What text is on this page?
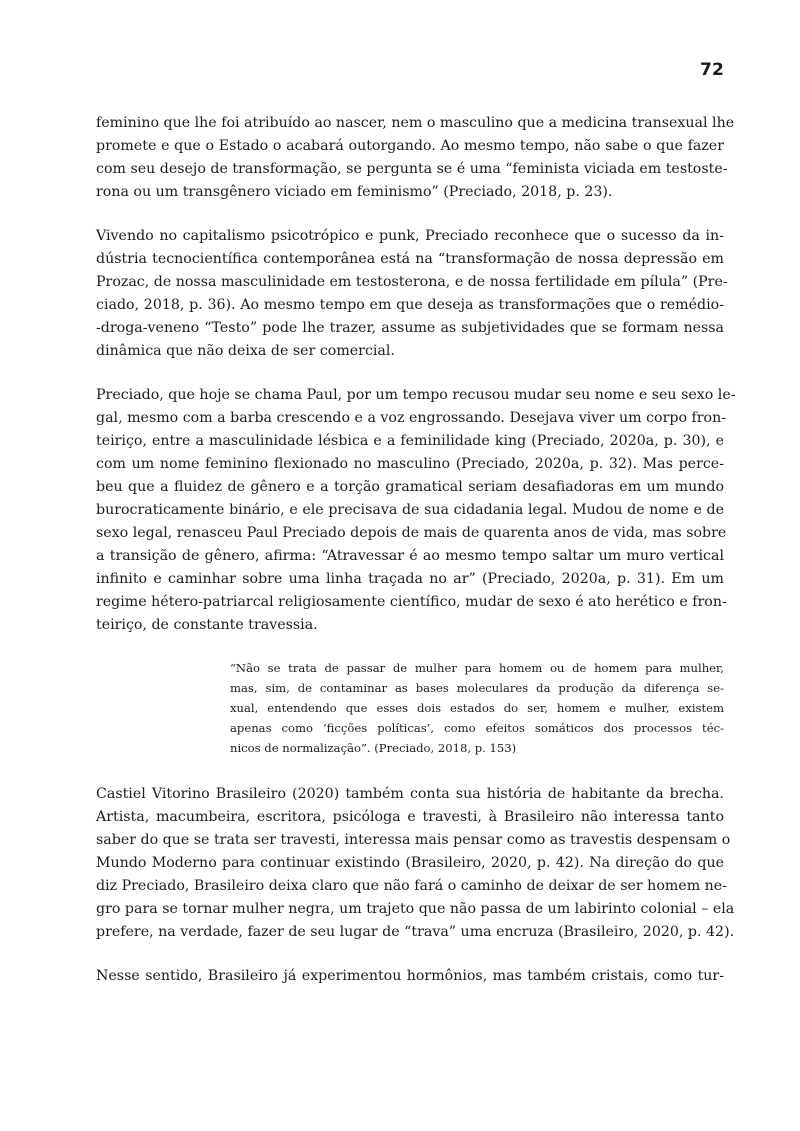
72
feminino que lhe foi atribuído ao nascer, nem o masculino que a medicina transexual lhe
promete e que o Estado o acabará outorgando. Ao mesmo tempo, não sabe o que fazer
com seu desejo de transformação, se pergunta se é uma “feminista viciada em testoste-
rona ou um transgênero viciado em feminismo” (Preciado, 2018, p. 23).
Vivendo no capitalismo psicotrópico e punk, Preciado reconhece que o sucesso da in-
dústria tecnocientífica contemporânea está na “transformação de nossa depressão em
Prozac, de nossa masculinidade em testosterona, e de nossa fertilidade em pílula” (Pre-
ciado, 2018, p. 36). Ao mesmo tempo em que deseja as transformações que o remédio-
-droga-veneno “Testo” pode lhe trazer, assume as subjetividades que se formam nessa
dinâmica que não deixa de ser comercial.
Preciado, que hoje se chama Paul, por um tempo recusou mudar seu nome e seu sexo le-
gal, mesmo com a barba crescendo e a voz engrossando. Desejava viver um corpo fron-
teiriço, entre a masculinidade lésbica e a feminilidade king (Preciado, 2020a, p. 30), e
com um nome feminino flexionado no masculino (Preciado, 2020a, p. 32). Mas perce-
beu que a fluidez de gênero e a torção gramatical seriam desafiadoras em um mundo
burocraticamente binário, e ele precisava de sua cidadania legal. Mudou de nome e de
sexo legal, renasceu Paul Preciado depois de mais de quarenta anos de vida, mas sobre
a transição de gênero, afirma: “Atravessar é ao mesmo tempo saltar um muro vertical
infinito e caminhar sobre uma linha traçada no ar” (Preciado, 2020a, p. 31). Em um
regime hétero-patriarcal religiosamente científico, mudar de sexo é ato herético e fron-
teiriço, de constante travessia.
“Não se trata de passar de mulher para homem ou de homem para mulher,
mas, sim, de contaminar as bases moleculares da produção da diferença se-
xual, entendendo que esses dois estados do ser, homem e mulher, existem
apenas como ‘ficções políticas’, como efeitos somáticos dos processos téc-
nicos de normalização”. (Preciado, 2018, p. 153)
Castiel Vitorino Brasileiro (2020) também conta sua história de habitante da brecha.
Artista, macumbeira, escritora, psicóloga e travesti, à Brasileiro não interessa tanto
saber do que se trata ser travesti, interessa mais pensar como as travestis despensam o
Mundo Moderno para continuar existindo (Brasileiro, 2020, p. 42). Na direção do que
diz Preciado, Brasileiro deixa claro que não fará o caminho de deixar de ser homem ne-
gro para se tornar mulher negra, um trajeto que não passa de um labirinto colonial – ela
prefere, na verdade, fazer de seu lugar de “trava” uma encruza (Brasileiro, 2020, p. 42).
Nesse sentido, Brasileiro já experimentou hormônios, mas também cristais, como tur-
